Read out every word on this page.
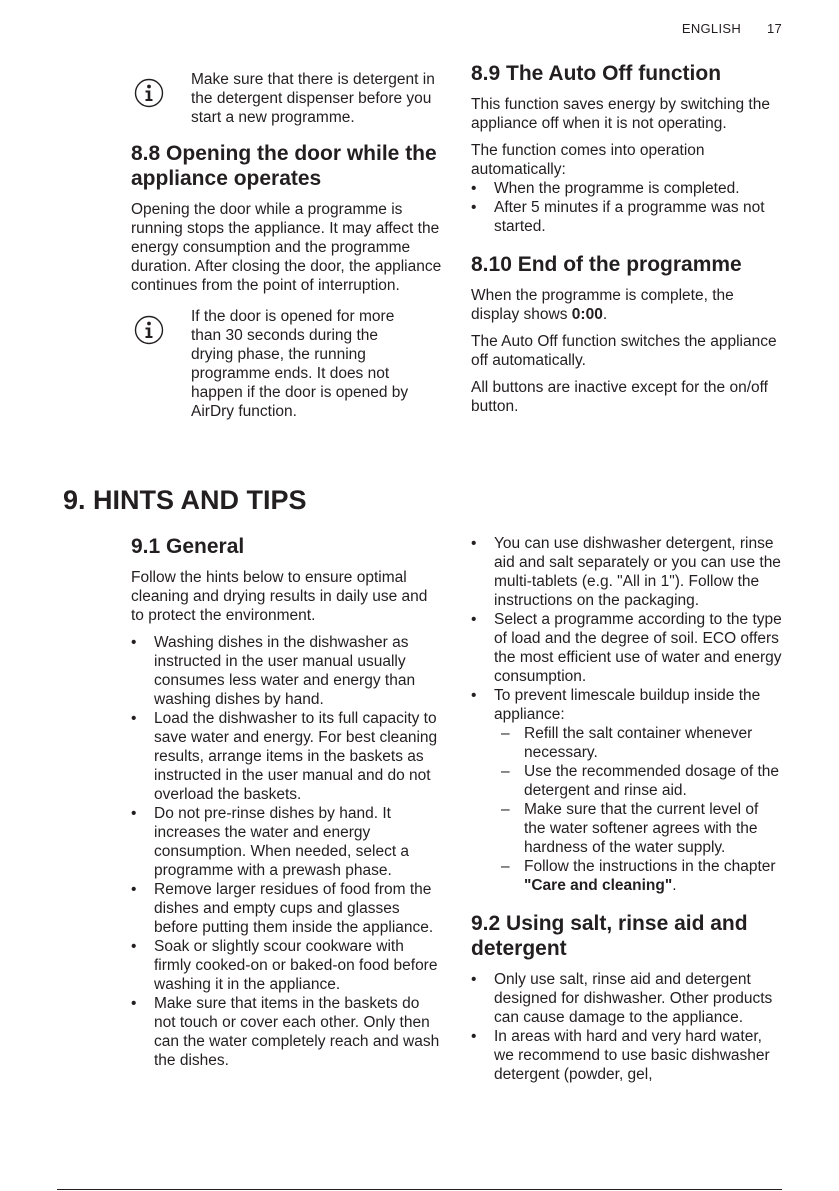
ENGLISH 17

Make sure that there is detergent in the detergent dispenser before you start a new programme.

8.8 Opening the door while the appliance operates

Opening the door while a programme is running stops the appliance. It may affect the energy consumption and the programme duration. After closing the door, the appliance continues from the point of interruption.

If the door is opened for more than 30 seconds during the drying phase, the running programme ends. It does not happen if the door is opened by AirDry function.

8.9 The Auto Off function

This function saves energy by switching the appliance off when it is not operating.

The function comes into operation automatically:

• When the programme is completed.
• After 5 minutes if a programme was not started.
8.10 End of the programme

When the programme is complete, the display shows 0:00.

The Auto Off function switches the appliance off automatically.

All buttons are inactive except for the on/off button.

9. HINTS AND TIPS
9.1 General

Follow the hints below to ensure optimal cleaning and drying results in daily use and to protect the environment.

• Washing dishes in the dishwasher as instructed in the user manual usually consumes less water and energy than washing dishes by hand.
• Load the dishwasher to its full capacity to save water and energy. For best cleaning results, arrange items in the baskets as instructed in the user manual and do not overload the baskets.
• Do not pre-rinse dishes by hand. It increases the water and energy consumption. When needed, select a programme with a prewash phase.
• Remove larger residues of food from the dishes and empty cups and glasses before putting them inside the appliance.
• Soak or slightly scour cookware with firmly cooked-on or baked-on food before washing it in the appliance.
• Make sure that items in the baskets do not touch or cover each other. Only then can the water completely reach and wash the dishes.
• You can use dishwasher detergent, rinse aid and salt separately or you can use the multi-tablets (e.g. "All in 1"). Follow the instructions on the packaging.
• Select a programme according to the type of load and the degree of soil. ECO offers the most efficient use of water and energy consumption.
• To prevent limescale buildup inside the appliance:
– Refill the salt container whenever necessary.
– Use the recommended dosage of the detergent and rinse aid.
– Make sure that the current level of the water softener agrees with the hardness of the water supply.
– Follow the instructions in the chapter "Care and cleaning".
9.2 Using salt, rinse aid and detergent
• Only use salt, rinse aid and detergent designed for dishwasher. Other products can cause damage to the appliance.
• In areas with hard and very hard water, we recommend to use basic dishwasher detergent (powder, gel,
